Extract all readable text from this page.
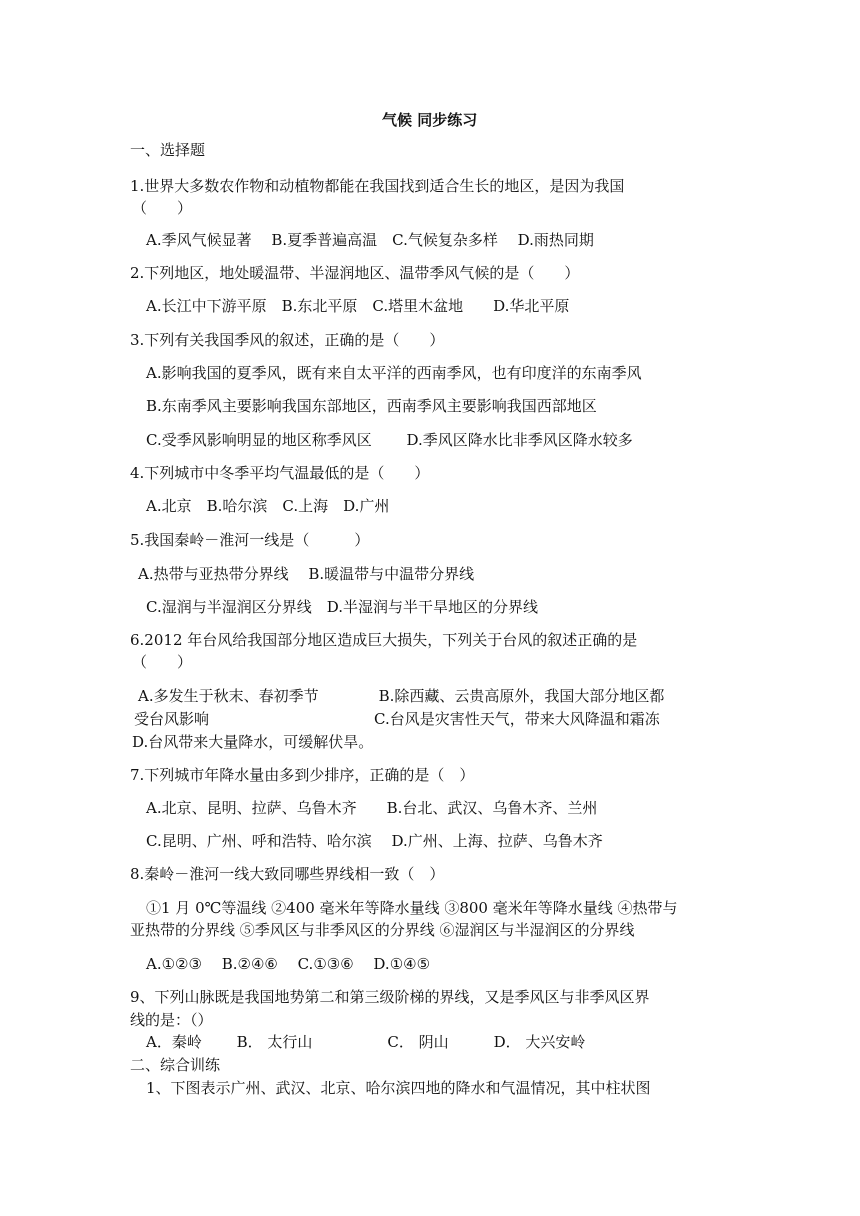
气候 同步练习
一、选择题
1.世界大多数农作物和动植物都能在我国找到适合生长的地区，是因为我国
（　　）
A.季风气候显著　 B.夏季普遍高温　C.气候复杂多样　 D.雨热同期
2.下列地区，地处暖温带、半湿润地区、温带季风气候的是（　　）
A.长江中下游平原　B.东北平原　C.塔里木盆地　　D.华北平原
3.下列有关我国季风的叙述，正确的是（　　）
A.影响我国的夏季风，既有来自太平洋的西南季风，也有印度洋的东南季风
B.东南季风主要影响我国东部地区，西南季风主要影响我国西部地区
C.受季风影响明显的地区称季风区　　 D.季风区降水比非季风区降水较多
4.下列城市中冬季平均气温最低的是（　　）
A.北京　B.哈尔滨　C.上海　D.广州
5.我国秦岭－淮河一线是（　　　）
A.热带与亚热带分界线　 B.暖温带与中温带分界线
C.湿润与半湿润区分界线　D.半湿润与半干旱地区的分界线
6.2012 年台风给我国部分地区造成巨大损失，下列关于台风的叙述正确的是
（　　）
A.多发生于秋末、春初季节　　　　B.除西藏、云贵高原外，我国大部分地区都
受台风影响　　　　　　　　　　　C.台风是灾害性天气，带来大风降温和霜冻
D.台风带来大量降水，可缓解伏旱。
7.下列城市年降水量由多到少排序，正确的是（　）
A.北京、昆明、拉萨、乌鲁木齐　　B.台北、武汉、乌鲁木齐、兰州
C.昆明、广州、呼和浩特、哈尔滨　 D.广州、上海、拉萨、乌鲁木齐
8.秦岭－淮河一线大致同哪些界线相一致（　）
①1 月 0℃等温线 ②400 毫米年等降水量线 ③800 毫米年等降水量线 ④热带与
亚热带的分界线 ⑤季风区与非季风区的分界线 ⑥湿润区与半湿润区的分界线
A.①②③　 B.②④⑥　 C.①③⑥　 D.①④⑤
9、下列山脉既是我国地势第二和第三级阶梯的界线，又是季风区与非季风区界
线的是：（）
A．秦岭　　 B． 太行山　　　　　C． 阴山　　　D． 大兴安岭
二、综合训练
1、下图表示广州、武汉、北京、哈尔滨四地的降水和气温情况，其中柱状图
